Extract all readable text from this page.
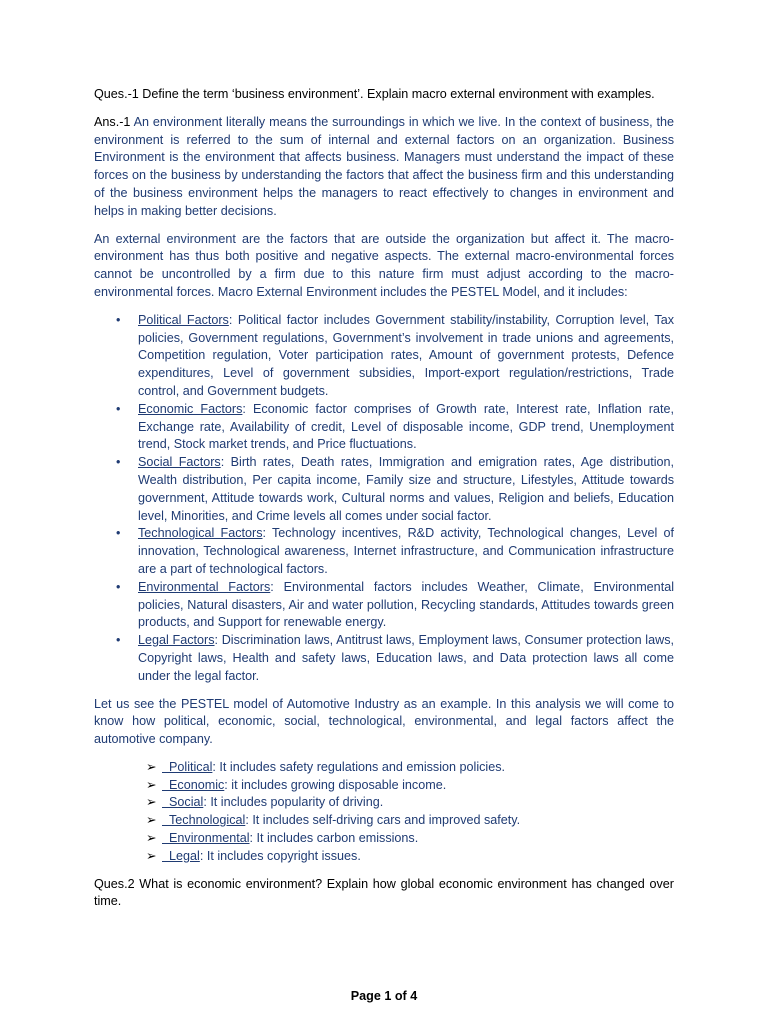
Ques.-1 Define the term ‘business environment’. Explain macro external environment with examples.

Ans.-1 An environment literally means the surroundings in which we live. In the context of business, the environment is referred to the sum of internal and external factors on an organization. Business Environment is the environment that affects business. Managers must understand the impact of these forces on the business by understanding the factors that affect the business firm and this understanding of the business environment helps the managers to react effectively to changes in environment and helps in making better decisions.

An external environment are the factors that are outside the organization but affect it. The macro-environment has thus both positive and negative aspects. The external macro-environmental forces cannot be uncontrolled by a firm due to this nature firm must adjust according to the macro-environmental forces. Macro External Environment includes the PESTEL Model, and it includes:

• Political Factors: Political factor includes Government stability/instability, Corruption level, Tax policies, Government regulations, Government’s involvement in trade unions and agreements, Competition regulation, Voter participation rates, Amount of government protests, Defence expenditures, Level of government subsidies, Import-export regulation/restrictions, Trade control, and Government budgets.
• Economic Factors: Economic factor comprises of Growth rate, Interest rate, Inflation rate, Exchange rate, Availability of credit, Level of disposable income, GDP trend, Unemployment trend, Stock market trends, and Price fluctuations.
• Social Factors: Birth rates, Death rates, Immigration and emigration rates, Age distribution, Wealth distribution, Per capita income, Family size and structure, Lifestyles, Attitude towards government, Attitude towards work, Cultural norms and values, Religion and beliefs, Education level, Minorities, and Crime levels all comes under social factor.
• Technological Factors: Technology incentives, R&D activity, Technological changes, Level of innovation, Technological awareness, Internet infrastructure, and Communication infrastructure are a part of technological factors.
• Environmental Factors: Environmental factors includes Weather, Climate, Environmental policies, Natural disasters, Air and water pollution, Recycling standards, Attitudes towards green products, and Support for renewable energy.
• Legal Factors: Discrimination laws, Antitrust laws, Employment laws, Consumer protection laws, Copyright laws, Health and safety laws, Education laws, and Data protection laws all come under the legal factor.

Let us see the PESTEL model of Automotive Industry as an example. In this analysis we will come to know how political, economic, social, technological, environmental, and legal factors affect the automotive company.

➢ Political: It includes safety regulations and emission policies.
➢ Economic: it includes growing disposable income.
➢ Social: It includes popularity of driving.
➢ Technological: It includes self-driving cars and improved safety.
➢ Environmental: It includes carbon emissions.
➢ Legal: It includes copyright issues.

Ques.2 What is economic environment? Explain how global economic environment has changed over time.

Page 1 of 4
